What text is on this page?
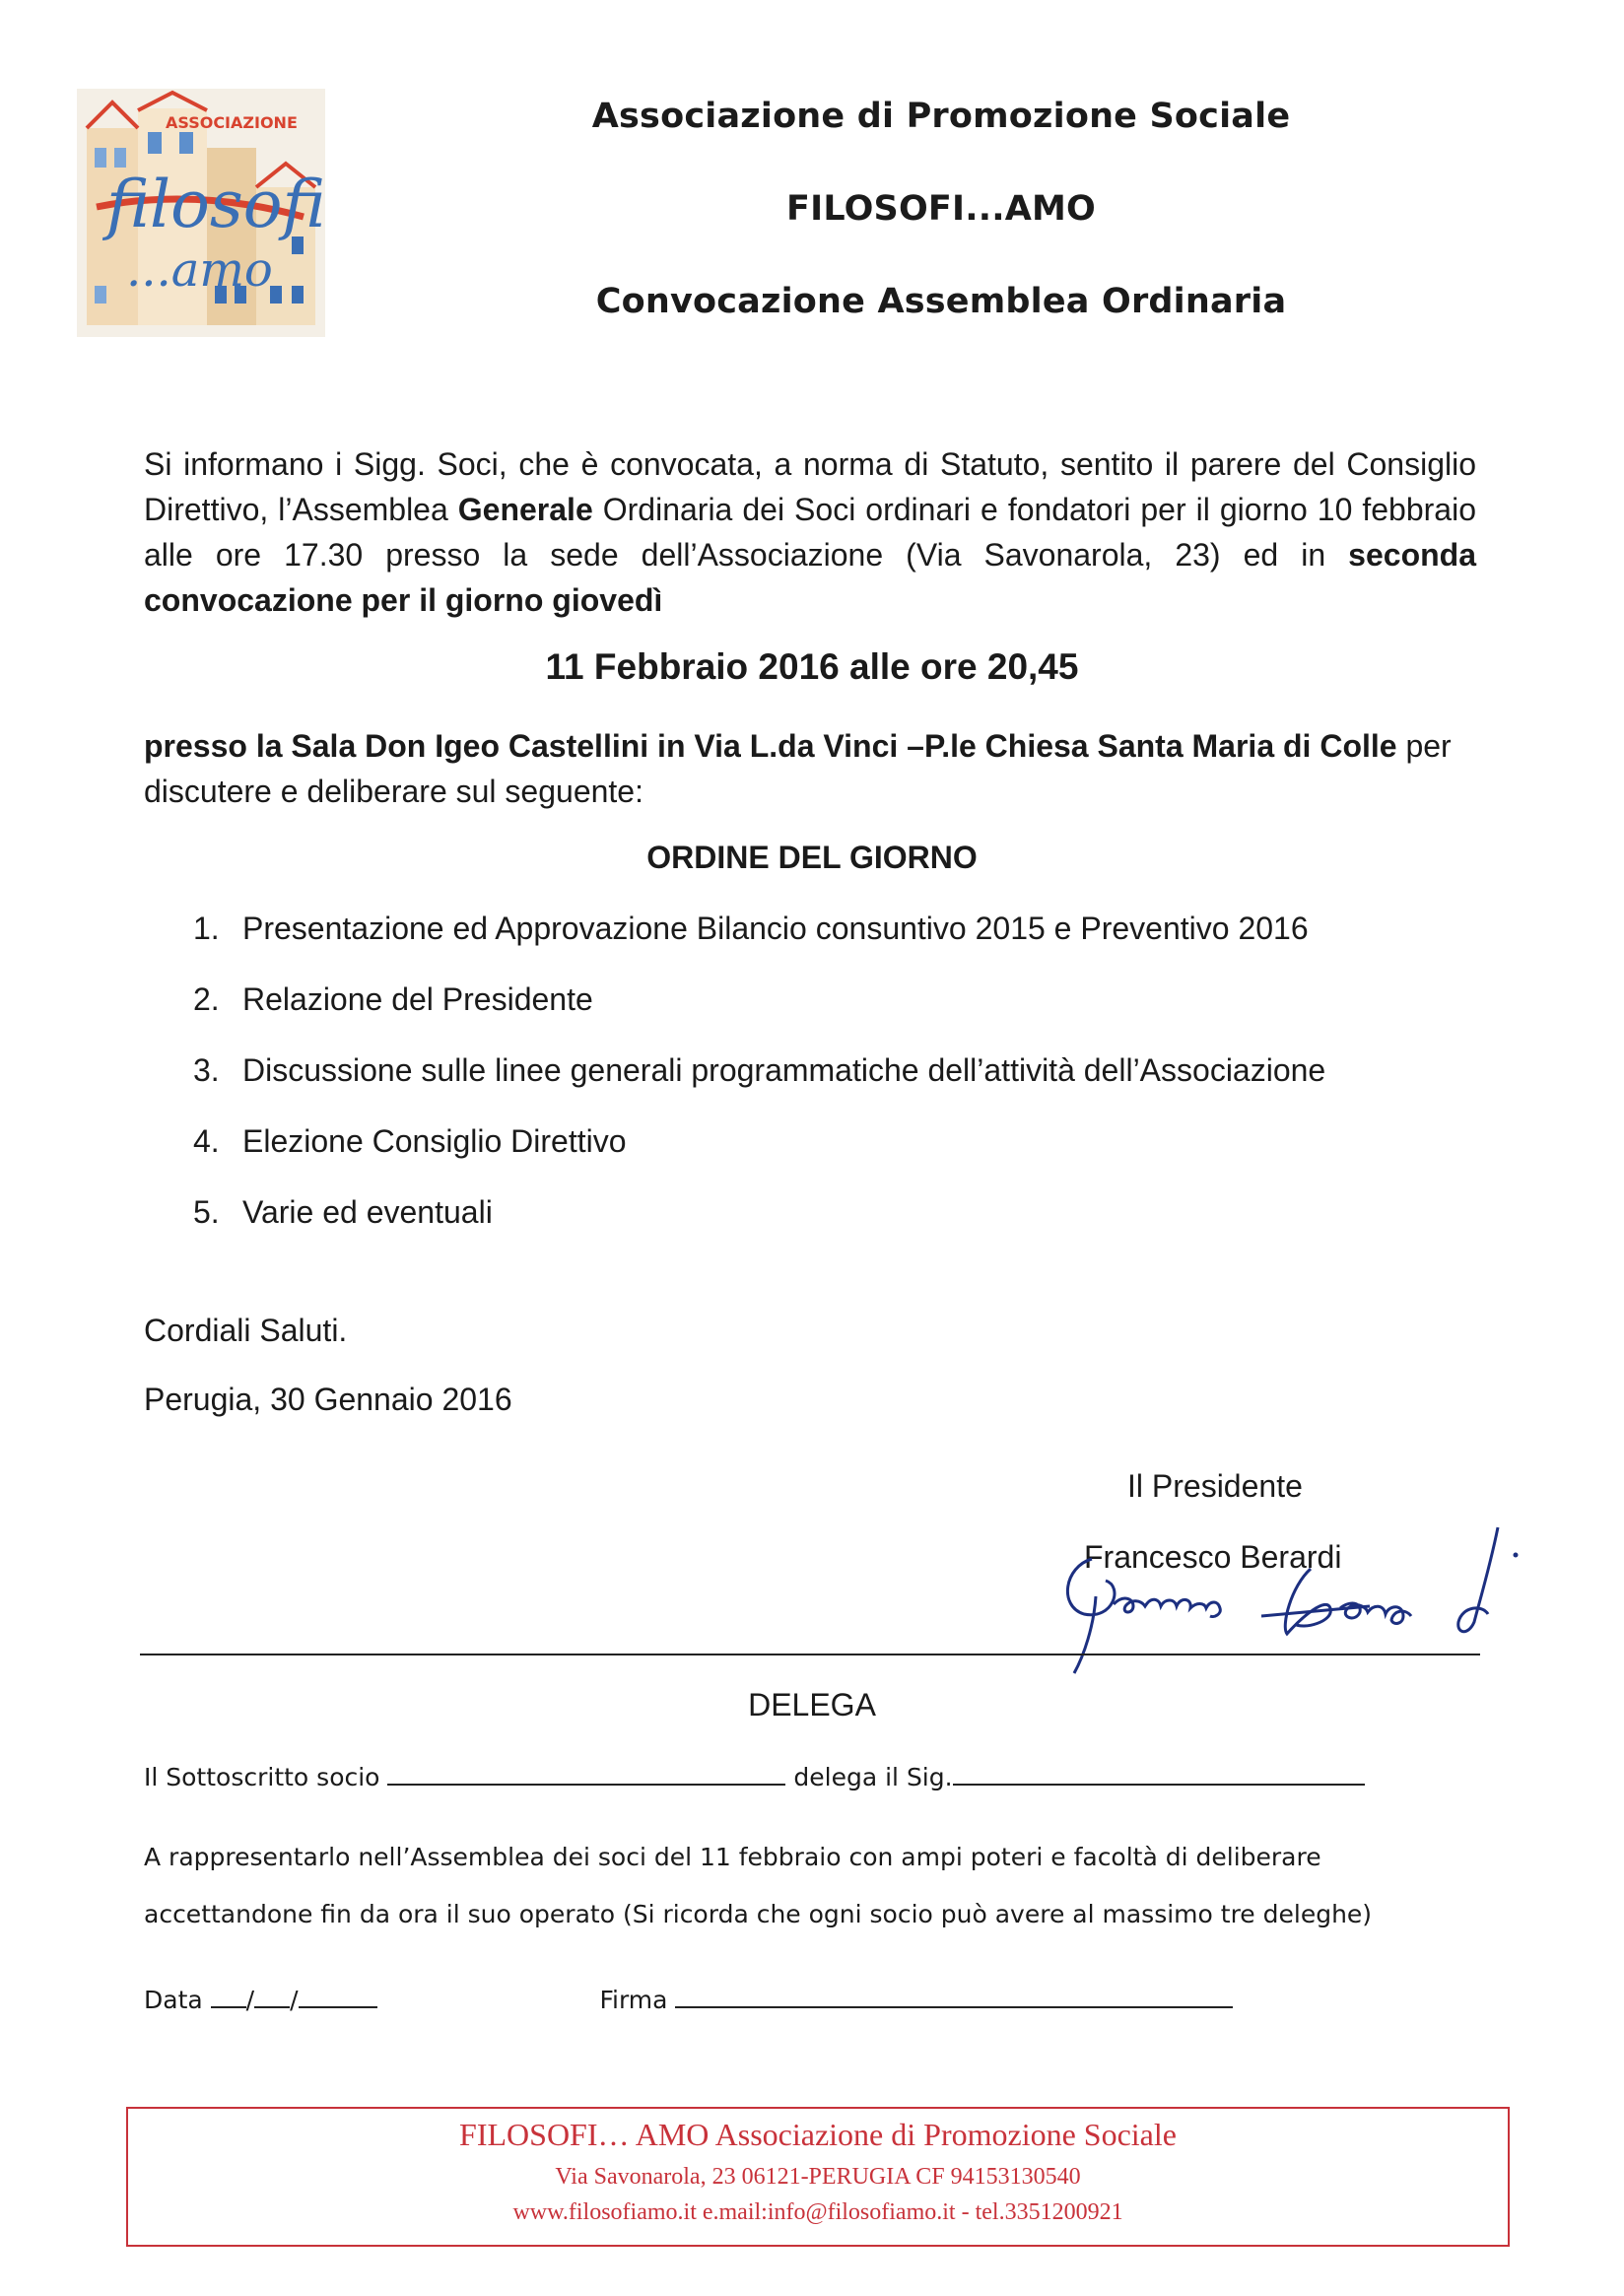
ASSOCIAZIONE
filosofi
...amo
Associazione di Promozione Sociale
FILOSOFI...AMO
Convocazione Assemblea Ordinaria
Si informano i Sigg. Soci, che è convocata, a norma di Statuto, sentito il parere del Consiglio Direttivo, l’Assemblea Generale Ordinaria dei Soci ordinari e fondatori per il giorno 10 febbraio alle ore 17.30 presso la sede dell’Associazione (Via Savonarola, 23) ed in seconda convocazione per il giorno giovedì
11 Febbraio 2016 alle ore 20,45
presso la Sala Don Igeo Castellini in Via L.da Vinci –P.le Chiesa Santa Maria di Colle per discutere e deliberare sul seguente:
ORDINE DEL GIORNO
1. Presentazione ed Approvazione Bilancio consuntivo 2015 e Preventivo 2016
2. Relazione del Presidente
3. Discussione sulle linee generali programmatiche dell’attività dell’Associazione
4. Elezione Consiglio Direttivo
5. Varie ed eventuali
Cordiali Saluti.
Perugia, 30 Gennaio 2016
Il Presidente
Francesco Berardi
DELEGA
Il Sottoscritto socio	delega il Sig.
A rappresentarlo nell’Assemblea dei soci del 11 febbraio con ampi poteri e facoltà di deliberare
accettandone fin da ora il suo operato (Si ricorda che ogni socio può avere al massimo tre deleghe)
Data / /	Firma
FILOSOFI… AMO Associazione di Promozione Sociale
Via Savonarola, 23 06121-PERUGIA CF 94153130540
www.filosofiamo.it e.mail:info@filosofiamo.it - tel.3351200921
